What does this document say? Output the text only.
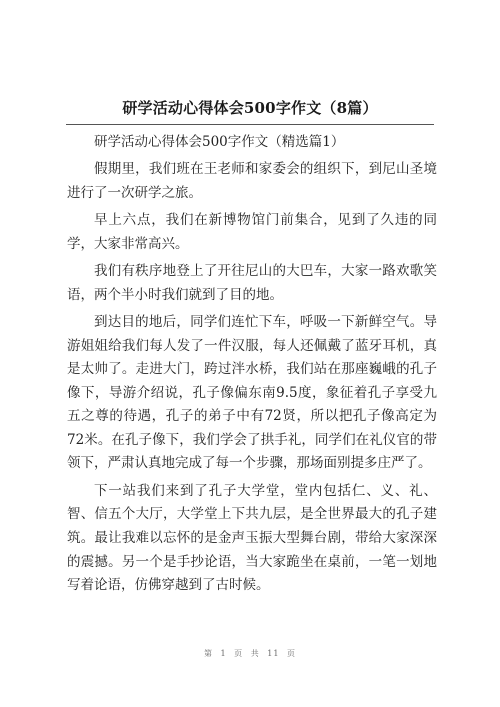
研学活动心得体会500字作文（8篇）

研学活动心得体会500字作文（精选篇1）

假期里，我们班在王老师和家委会的组织下，到尼山圣境进行了一次研学之旅。

早上六点，我们在新博物馆门前集合，见到了久违的同学，大家非常高兴。

我们有秩序地登上了开往尼山的大巴车，大家一路欢歌笑语，两个半小时我们就到了目的地。

到达目的地后，同学们连忙下车，呼吸一下新鲜空气。导游姐姐给我们每人发了一件汉服，每人还佩戴了蓝牙耳机，真是太帅了。走进大门，跨过泮水桥，我们站在那座巍峨的孔子像下，导游介绍说，孔子像偏东南9.5度，象征着孔子享受九五之尊的待遇，孔子的弟子中有72贤，所以把孔子像高定为72米。在孔子像下，我们学会了拱手礼，同学们在礼仪官的带领下，严肃认真地完成了每一个步骤，那场面别提多庄严了。

下一站我们来到了孔子大学堂，堂内包括仁、义、礼、智、信五个大厅，大学堂上下共九层，是全世界最大的孔子建筑。最让我难以忘怀的是金声玉振大型舞台剧，带给大家深深的震撼。另一个是手抄论语，当大家跪坐在桌前，一笔一划地写着论语，仿佛穿越到了古时候。

第 1 页 共 11 页
